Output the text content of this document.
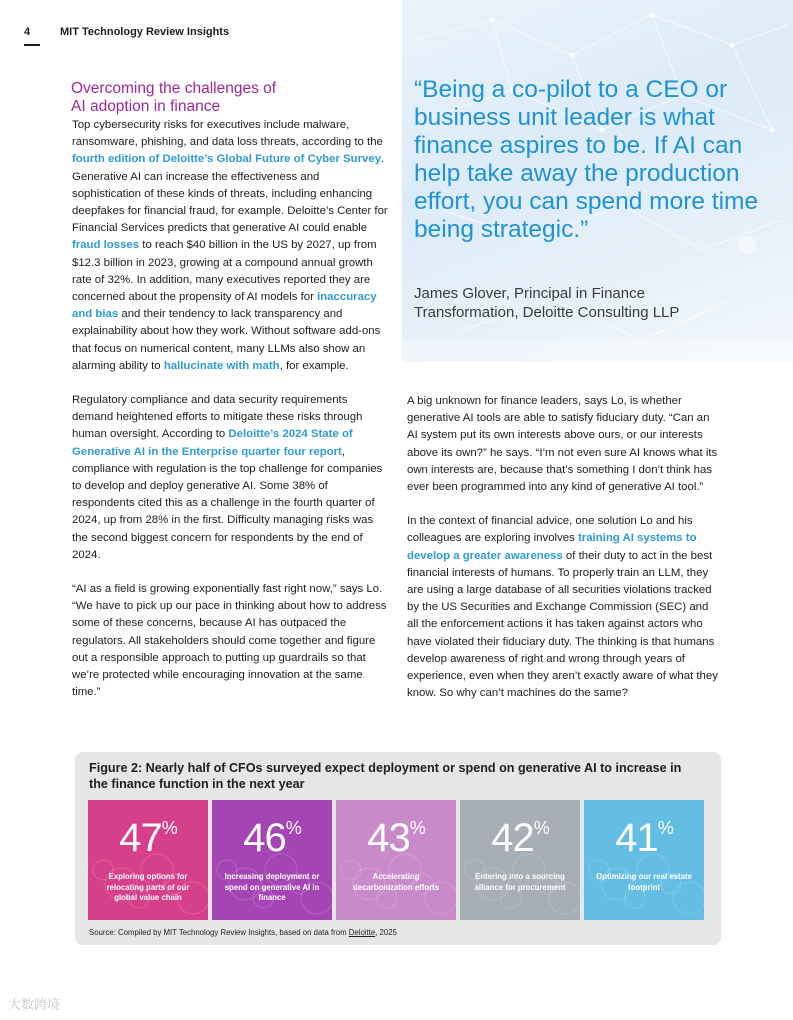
4	MIT Technology Review Insights
“Being a co-pilot to a CEO or business unit leader is what finance aspires to be. If AI can help take away the production effort, you can spend more time being strategic.”
James Glover, Principal in Finance
Transformation, Deloitte Consulting LLP
Overcoming the challenges of
AI adoption in finance

Top cybersecurity risks for executives include malware, ransomware, phishing, and data loss threats, according to the fourth edition of Deloitte’s Global Future of Cyber Survey. Generative AI can increase the effectiveness and sophistication of these kinds of threats, including enhancing deepfakes for financial fraud, for example. Deloitte’s Center for Financial Services predicts that generative AI could enable fraud losses to reach $40 billion in the US by 2027, up from $12.3 billion in 2023, growing at a compound annual growth rate of 32%. In addition, many executives reported they are concerned about the propensity of AI models for inaccuracy and bias and their tendency to lack transparency and explainability about how they work. Without software add-ons that focus on numerical content, many LLMs also show an alarming ability to hallucinate with math, for example.

Regulatory compliance and data security requirements demand heightened efforts to mitigate these risks through human oversight. According to Deloitte’s 2024 State of Generative AI in the Enterprise quarter four report, compliance with regulation is the top challenge for companies to develop and deploy generative AI. Some 38% of respondents cited this as a challenge in the fourth quarter of 2024, up from 28% in the first. Difficulty managing risks was the second biggest concern for respondents by the end of 2024.

“AI as a field is growing exponentially fast right now,” says Lo. “We have to pick up our pace in thinking about how to address some of these concerns, because AI has outpaced the regulators. All stakeholders should come together and figure out a responsible approach to putting up guardrails so that we’re protected while encouraging innovation at the same time.”

A big unknown for finance leaders, says Lo, is whether generative AI tools are able to satisfy fiduciary duty. “Can an AI system put its own interests above ours, or our interests above its own?” he says. “I’m not even sure AI knows what its own interests are, because that’s something I don’t think has ever been programmed into any kind of generative AI tool.”

In the context of financial advice, one solution Lo and his colleagues are exploring involves training AI systems to develop a greater awareness of their duty to act in the best financial interests of humans. To properly train an LLM, they are using a large database of all securities violations tracked by the US Securities and Exchange Commission (SEC) and all the enforcement actions it has taken against actors who have violated their fiduciary duty. The thinking is that humans develop awareness of right and wrong through years of experience, even when they aren’t exactly aware of what they know. So why can’t machines do the same?

Figure 2: Nearly half of CFOs surveyed expect deployment or spend on generative AI to increase in the finance function in the next year
47%
Exploring options for relocating parts of our global value chain
46%
Increasing deployment or spend on generative AI in finance
43%
Accelerating decarbonization efforts
42%
Entering into a sourcing alliance for procurement
41%
Optimizing our real estate footprint
Source: Compiled by MIT Technology Review Insights, based on data from Deloitte, 2025
大数跨境
